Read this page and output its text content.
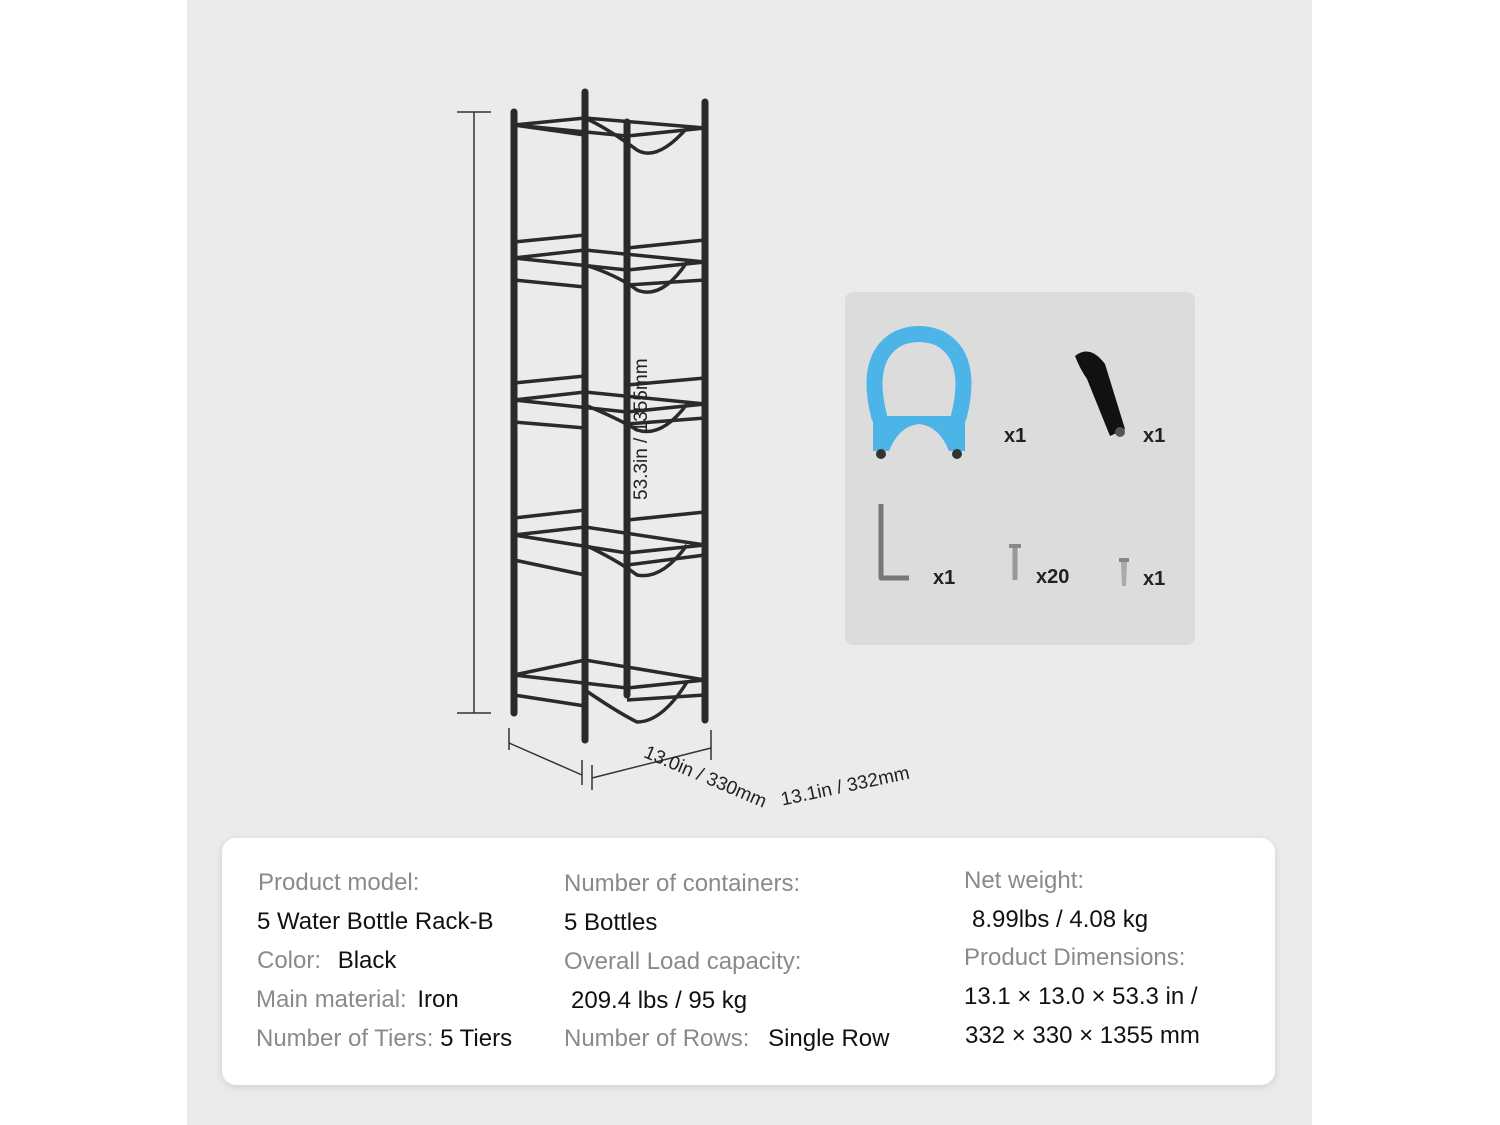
53.3in / 1355mm
13.0in / 330mm 13.1in / 332mm
x1	x1
x1	x20	x1
Product model:
5 Water Bottle Rack-B
Color: Black
Main material: Iron
Number of Tiers: 5 Tiers
Number of containers:
5 Bottles
Overall Load capacity:
209.4 lbs / 95 kg
Number of Rows: Single Row
Net weight:
8.99lbs / 4.08 kg
Product Dimensions:
13.1 × 13.0 × 53.3 in /
332 × 330 × 1355 mm
